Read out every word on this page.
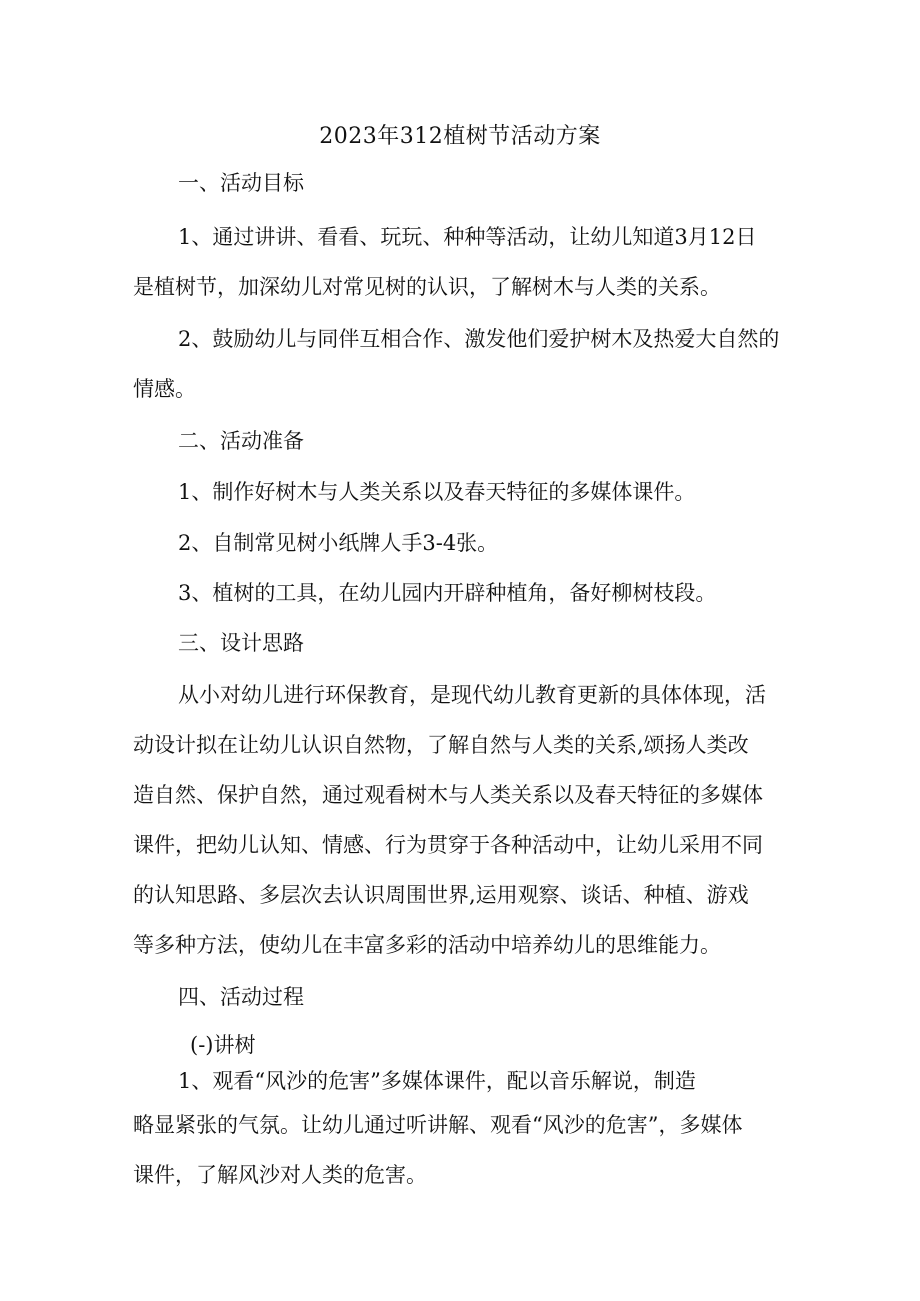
2023年312植树节活动方案
一、活动目标
1、通过讲讲、看看、玩玩、种种等活动，让幼儿知道3月12日
是植树节，加深幼儿对常见树的认识，了解树木与人类的关系。
2、鼓励幼儿与同伴互相合作、激发他们爱护树木及热爱大自然的
情感。
二、活动准备
1、制作好树木与人类关系以及春天特征的多媒体课件。
2、自制常见树小纸牌人手3-4张。
3、植树的工具，在幼儿园内开辟种植角，备好柳树枝段。
三、设计思路
从小对幼儿进行环保教育，是现代幼儿教育更新的具体体现，活
动设计拟在让幼儿认识自然物，了解自然与人类的关系,颂扬人类改
造自然、保护自然，通过观看树木与人类关系以及春天特征的多媒体
课件，把幼儿认知、情感、行为贯穿于各种活动中，让幼儿采用不同
的认知思路、多层次去认识周围世界,运用观察、谈话、种植、游戏
等多种方法，使幼儿在丰富多彩的活动中培养幼儿的思维能力。
四、活动过程
(-)讲树
1、观看“风沙的危害”多媒体课件，配以音乐解说，制造
略显紧张的气氛。让幼儿通过听讲解、观看“风沙的危害”，多媒体
课件，了解风沙对人类的危害。
